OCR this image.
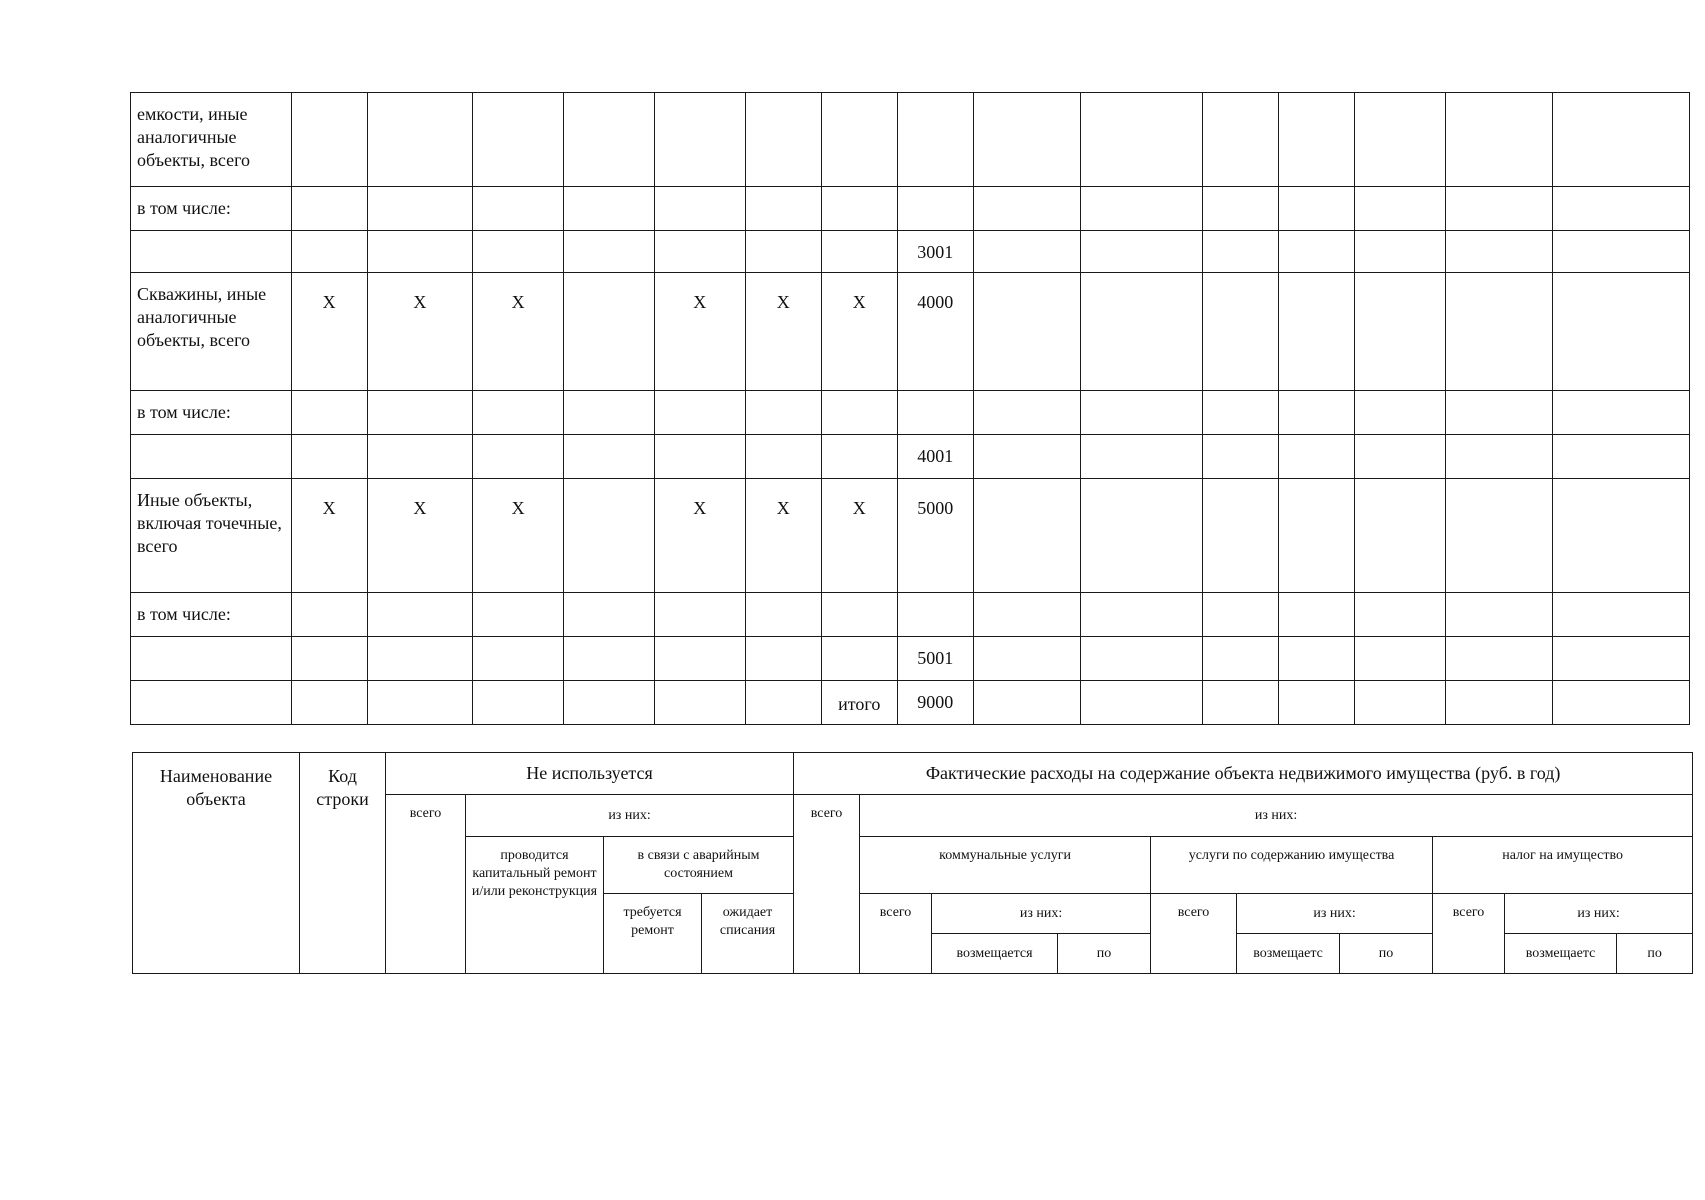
емкости, иные аналогичные объекты, всего															
в том числе:															
								3001							
Скважины, иные аналогичные объекты, всего	X	X	X		X	X	X	4000							
в том числе:															
								4001							
Иные объекты, включая точечные, всего	X	X	X		X	X	X	5000							
в том числе:															
								5001							
							итого	9000							
Наименование объекта	Код строки	Не используется				Фактические расходы на содержание объекта недвижимого имущества (руб. в год)									
		всего	из них:			всего	из них:								
			проводится капитальный ремонт и/или реконструкция	в связи с аварийным состоянием			коммунальные услуги			услуги по содержанию имущества			налог на имущество		
				требуется ремонт	ожидает списания		всего	из них:		всего	из них:		всего	из них:	
								возмещается	по		возмещаетс	по		возмещаетс	по
